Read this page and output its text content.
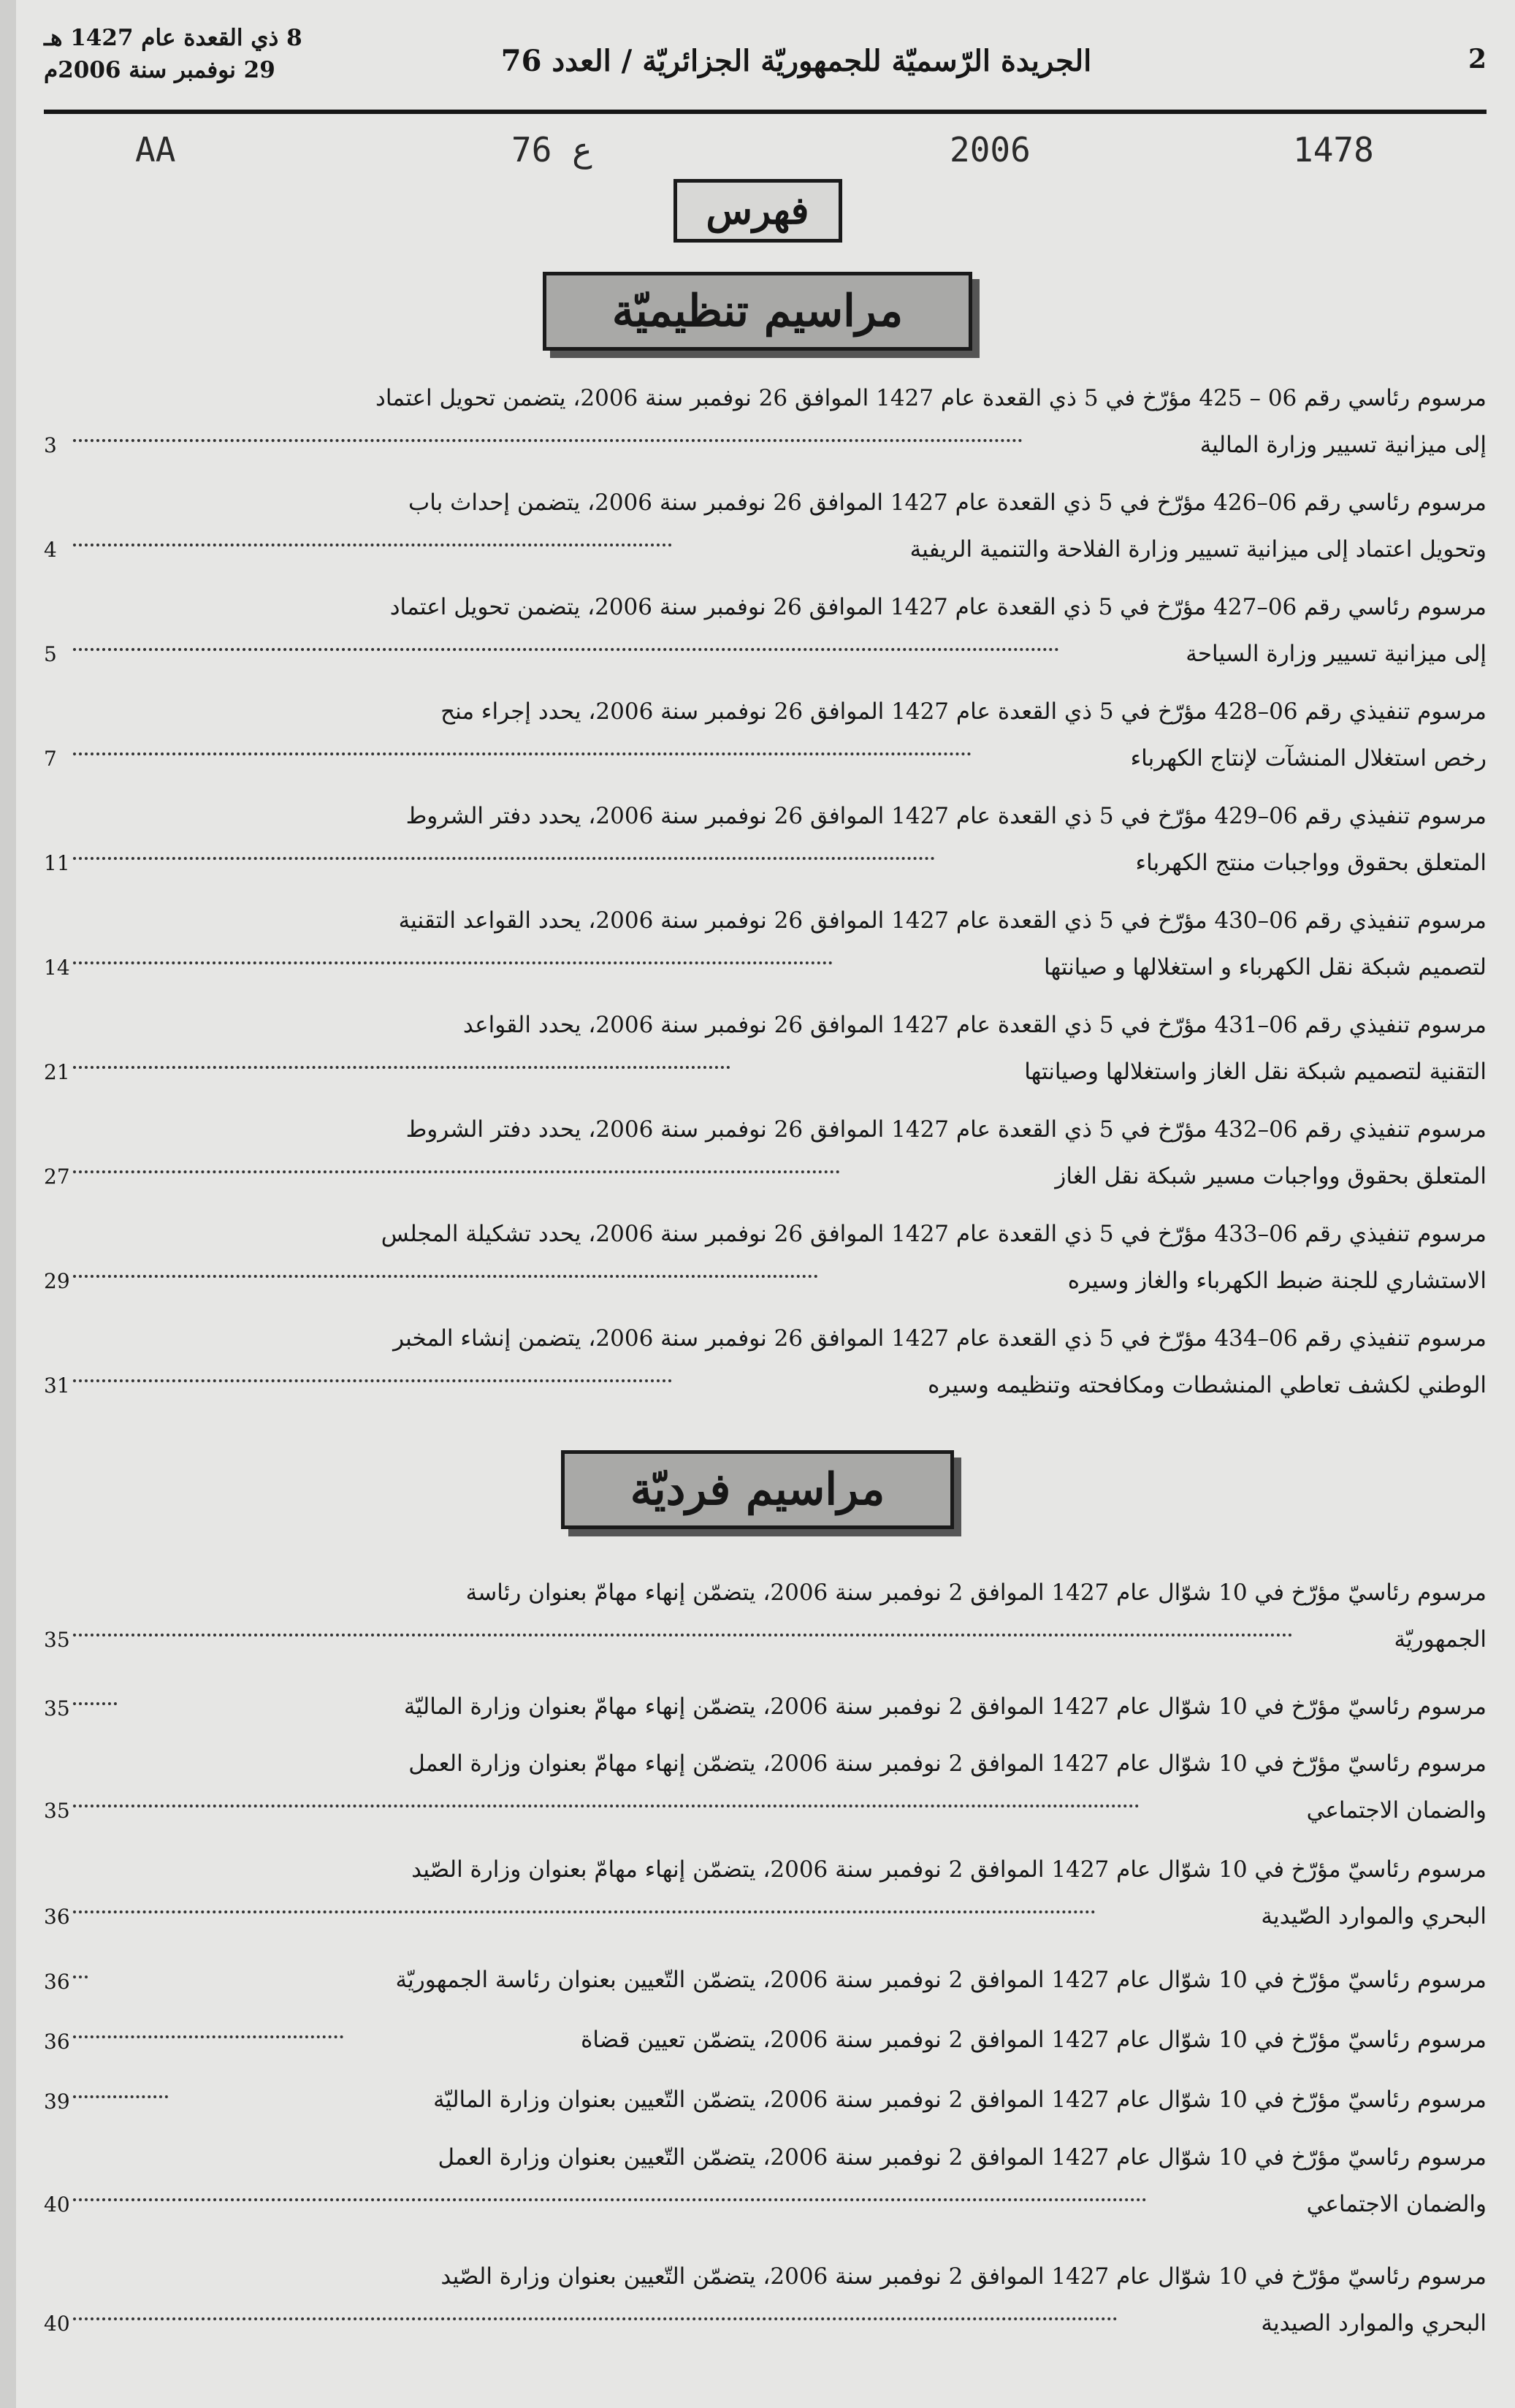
8 ذي القعدة عام 1427 هـ
29 نوفمبر سنة 2006م	الجريدة الرّسميّة للجمهوريّة الجزائريّة / العدد 76	2
AA	76 ع	2006	1478
فهرس
مراسيم تنظيميّة
مرسوم رئاسي رقم 06 – 425 مؤرّخ في 5 ذي القعدة عام 1427 الموافق 26 نوفمبر سنة 2006، يتضمن تحويل اعتماد
إلى ميزانية تسيير وزارة المالية
3
مرسوم رئاسي رقم 06–426 مؤرّخ في 5 ذي القعدة عام 1427 الموافق 26 نوفمبر سنة 2006، يتضمن إحداث باب
وتحويل اعتماد إلى ميزانية تسيير وزارة الفلاحة والتنمية الريفية
4
مرسوم رئاسي رقم 06–427 مؤرّخ في 5 ذي القعدة عام 1427 الموافق 26 نوفمبر سنة 2006، يتضمن تحويل اعتماد
إلى ميزانية تسيير وزارة السياحة
5
مرسوم تنفيذي رقم 06–428 مؤرّخ في 5 ذي القعدة عام 1427 الموافق 26 نوفمبر سنة 2006، يحدد إجراء منح
رخص استغلال المنشآت لإنتاج الكهرباء
7
مرسوم تنفيذي رقم 06–429 مؤرّخ في 5 ذي القعدة عام 1427 الموافق 26 نوفمبر سنة 2006، يحدد دفتر الشروط
المتعلق بحقوق وواجبات منتج الكهرباء
11
مرسوم تنفيذي رقم 06–430 مؤرّخ في 5 ذي القعدة عام 1427 الموافق 26 نوفمبر سنة 2006، يحدد القواعد التقنية
لتصميم شبكة نقل الكهرباء و استغلالها و صيانتها
14
مرسوم تنفيذي رقم 06–431 مؤرّخ في 5 ذي القعدة عام 1427 الموافق 26 نوفمبر سنة 2006، يحدد القواعد
التقنية لتصميم شبكة نقل الغاز واستغلالها وصيانتها
21
مرسوم تنفيذي رقم 06–432 مؤرّخ في 5 ذي القعدة عام 1427 الموافق 26 نوفمبر سنة 2006، يحدد دفتر الشروط
المتعلق بحقوق وواجبات مسير شبكة نقل الغاز
27
مرسوم تنفيذي رقم 06–433 مؤرّخ في 5 ذي القعدة عام 1427 الموافق 26 نوفمبر سنة 2006، يحدد تشكيلة المجلس
الاستشاري للجنة ضبط الكهرباء والغاز وسيره
29
مرسوم تنفيذي رقم 06–434 مؤرّخ في 5 ذي القعدة عام 1427 الموافق 26 نوفمبر سنة 2006، يتضمن إنشاء المخبر
الوطني لكشف تعاطي المنشطات ومكافحته وتنظيمه وسيره
31
مراسيم فرديّة
مرسوم رئاسيّ مؤرّخ في 10 شوّال عام 1427 الموافق 2 نوفمبر سنة 2006، يتضمّن إنهاء مهامّ بعنوان رئاسة
الجمهوريّة
35
مرسوم رئاسيّ مؤرّخ في 10 شوّال عام 1427 الموافق 2 نوفمبر سنة 2006، يتضمّن إنهاء مهامّ بعنوان وزارة الماليّة
35
مرسوم رئاسيّ مؤرّخ في 10 شوّال عام 1427 الموافق 2 نوفمبر سنة 2006، يتضمّن إنهاء مهامّ بعنوان وزارة العمل
والضمان الاجتماعي
35
مرسوم رئاسيّ مؤرّخ في 10 شوّال عام 1427 الموافق 2 نوفمبر سنة 2006، يتضمّن إنهاء مهامّ بعنوان وزارة الصّيد
البحري والموارد الصّيدية
36
مرسوم رئاسيّ مؤرّخ في 10 شوّال عام 1427 الموافق 2 نوفمبر سنة 2006، يتضمّن التّعيين بعنوان رئاسة الجمهوريّة
36
مرسوم رئاسيّ مؤرّخ في 10 شوّال عام 1427 الموافق 2 نوفمبر سنة 2006، يتضمّن تعيين قضاة
36
مرسوم رئاسيّ مؤرّخ في 10 شوّال عام 1427 الموافق 2 نوفمبر سنة 2006، يتضمّن التّعيين بعنوان وزارة الماليّة
39
مرسوم رئاسيّ مؤرّخ في 10 شوّال عام 1427 الموافق 2 نوفمبر سنة 2006، يتضمّن التّعيين بعنوان وزارة العمل
والضمان الاجتماعي
40
مرسوم رئاسيّ مؤرّخ في 10 شوّال عام 1427 الموافق 2 نوفمبر سنة 2006، يتضمّن التّعيين بعنوان وزارة الصّيد
البحري والموارد الصيدية
40
